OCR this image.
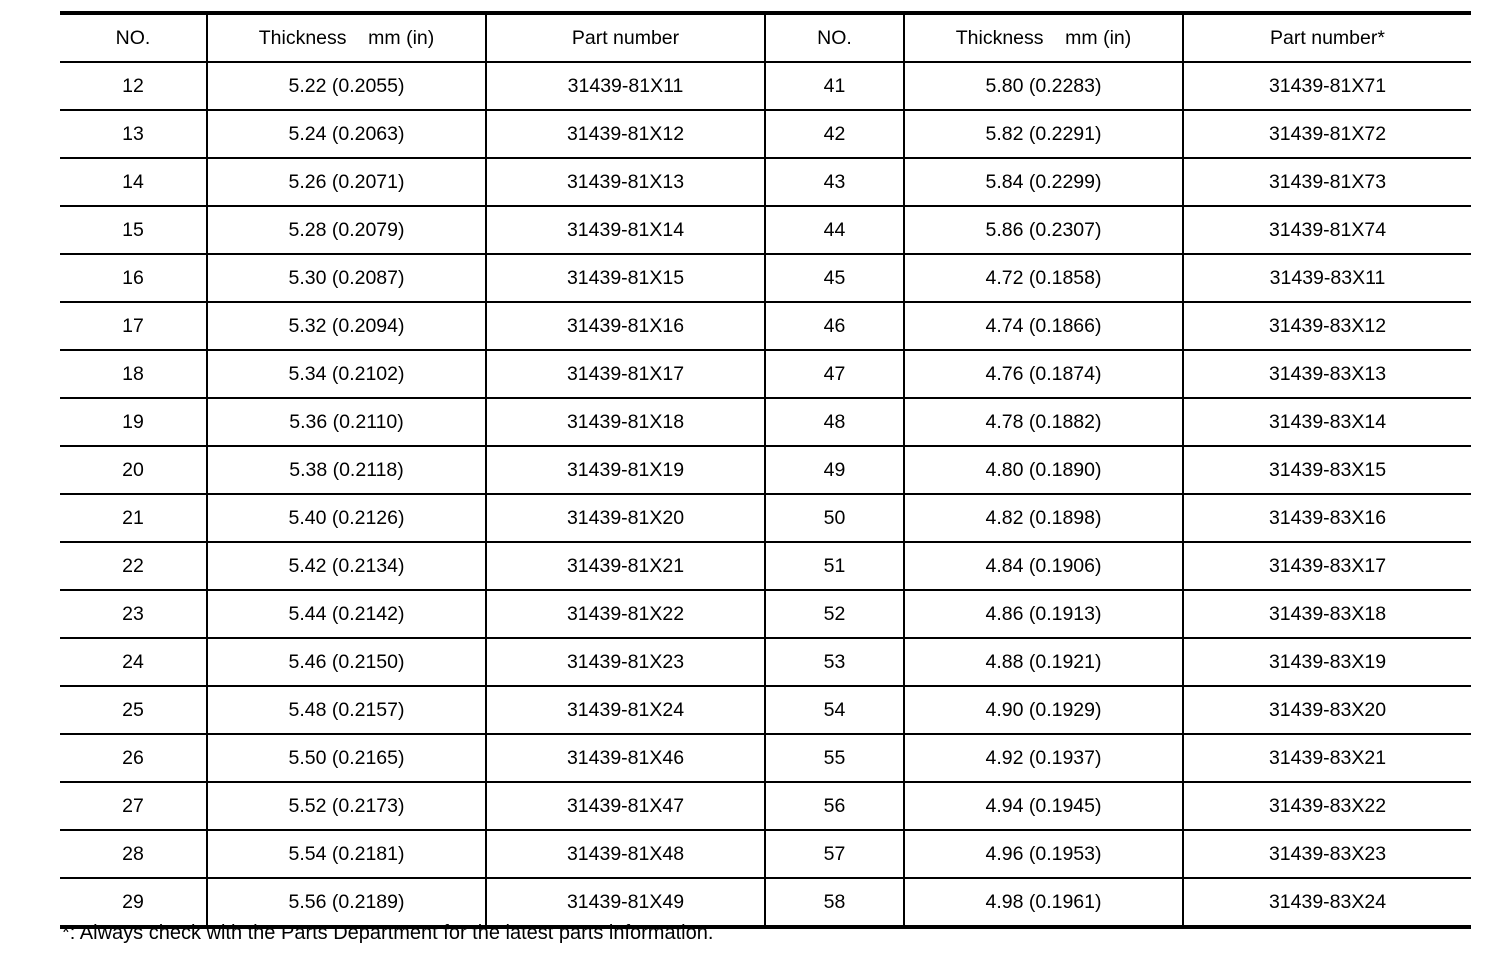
NO.	Thickness    mm (in)	Part number	NO.	Thickness    mm (in)	Part number*
12	5.22 (0.2055)	31439-81X11	41	5.80 (0.2283)	31439-81X71
13	5.24 (0.2063)	31439-81X12	42	5.82 (0.2291)	31439-81X72
14	5.26 (0.2071)	31439-81X13	43	5.84 (0.2299)	31439-81X73
15	5.28 (0.2079)	31439-81X14	44	5.86 (0.2307)	31439-81X74
16	5.30 (0.2087)	31439-81X15	45	4.72 (0.1858)	31439-83X11
17	5.32 (0.2094)	31439-81X16	46	4.74 (0.1866)	31439-83X12
18	5.34 (0.2102)	31439-81X17	47	4.76 (0.1874)	31439-83X13
19	5.36 (0.2110)	31439-81X18	48	4.78 (0.1882)	31439-83X14
20	5.38 (0.2118)	31439-81X19	49	4.80 (0.1890)	31439-83X15
21	5.40 (0.2126)	31439-81X20	50	4.82 (0.1898)	31439-83X16
22	5.42 (0.2134)	31439-81X21	51	4.84 (0.1906)	31439-83X17
23	5.44 (0.2142)	31439-81X22	52	4.86 (0.1913)	31439-83X18
24	5.46 (0.2150)	31439-81X23	53	4.88 (0.1921)	31439-83X19
25	5.48 (0.2157)	31439-81X24	54	4.90 (0.1929)	31439-83X20
26	5.50 (0.2165)	31439-81X46	55	4.92 (0.1937)	31439-83X21
27	5.52 (0.2173)	31439-81X47	56	4.94 (0.1945)	31439-83X22
28	5.54 (0.2181)	31439-81X48	57	4.96 (0.1953)	31439-83X23
29	5.56 (0.2189)	31439-81X49	58	4.98 (0.1961)	31439-83X24
*: Always check with the Parts Department for the latest parts information.
